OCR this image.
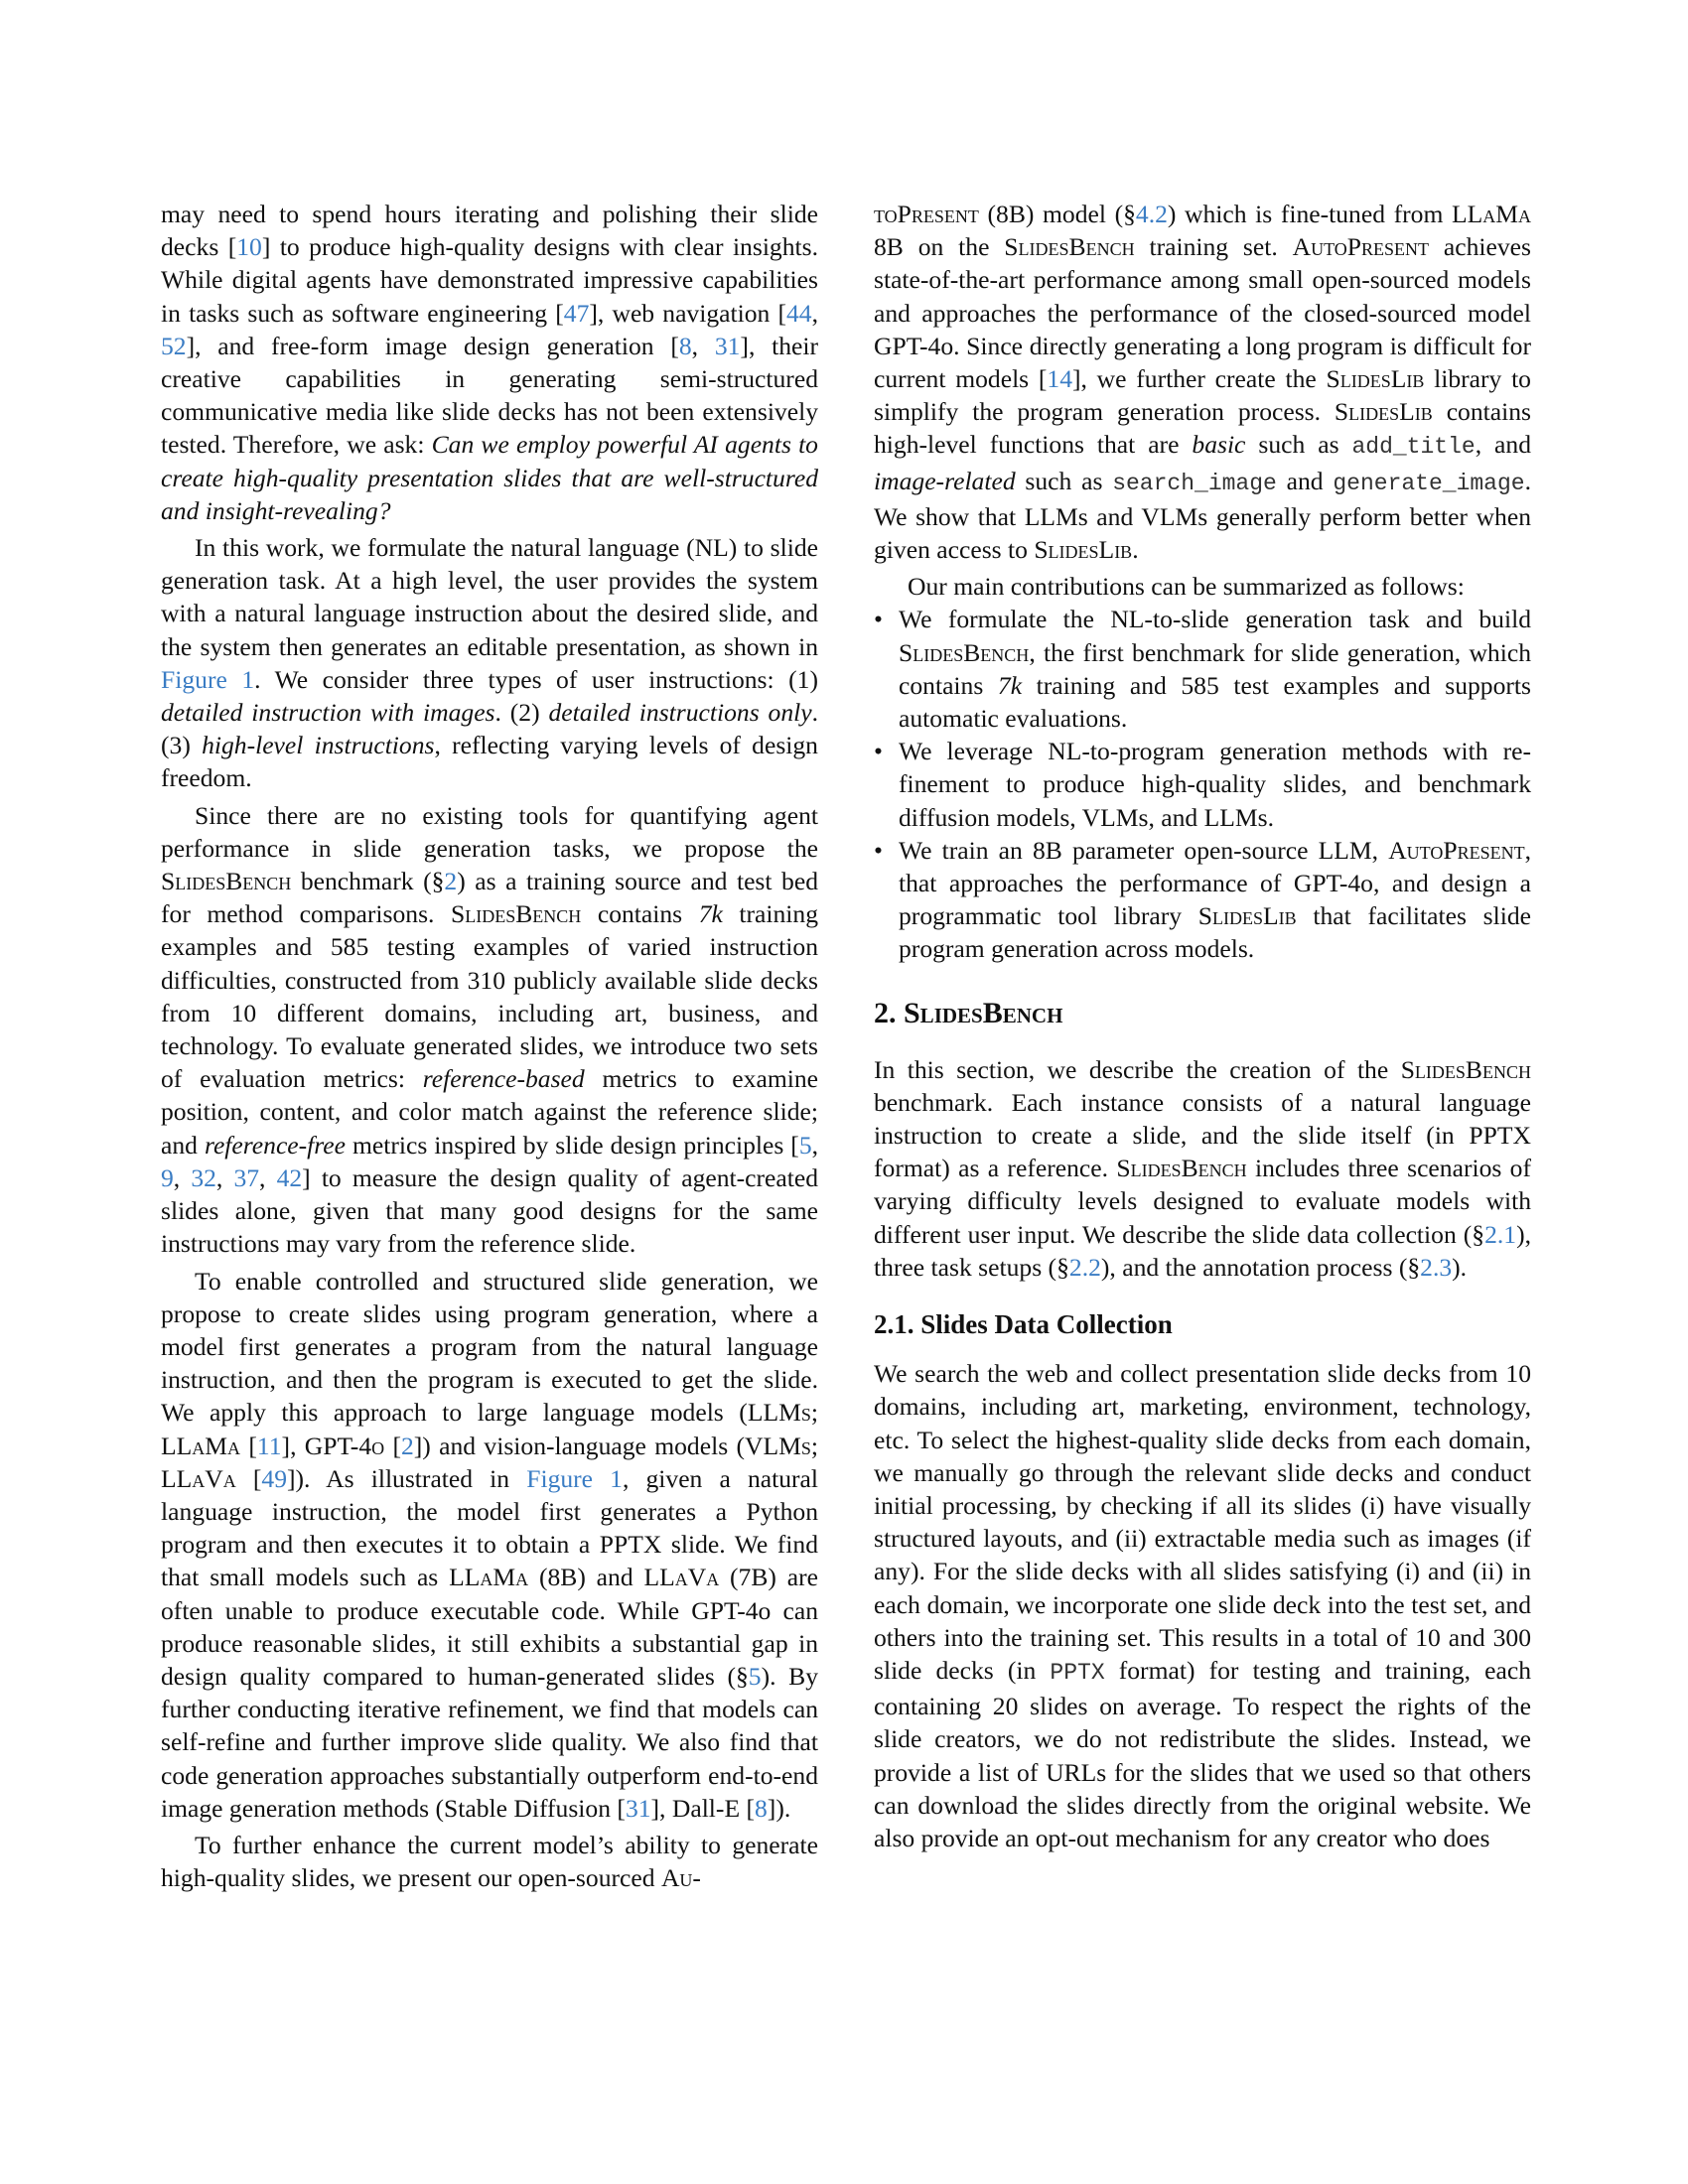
may need to spend hours iterating and polishing their slide decks [10] to produce high-quality designs with clear insights. While digital agents have demonstrated impressive capabilities in tasks such as software engineering [47], web navigation [44, 52], and free-form image design generation [8, 31], their creative capabilities in generating semi-structured communicative media like slide decks has not been extensively tested. Therefore, we ask: Can we employ powerful AI agents to create high-quality presentation slides that are well-structured and insight-revealing?

In this work, we formulate the natural language (NL) to slide generation task. At a high level, the user provides the system with a natural language instruction about the desired slide, and the system then generates an editable presentation, as shown in Figure 1. We consider three types of user instructions: (1) detailed instruction with images. (2) detailed instructions only. (3) high-level instructions, reflecting varying levels of design freedom.

Since there are no existing tools for quantifying agent performance in slide generation tasks, we propose the SlidesBench benchmark (§2) as a training source and test bed for method comparisons. SlidesBench contains 7k training examples and 585 testing examples of varied instruction difficulties, constructed from 310 publicly available slide decks from 10 different domains, including art, business, and technology. To evaluate generated slides, we introduce two sets of evaluation metrics: reference-based metrics to examine position, content, and color match against the reference slide; and reference-free metrics inspired by slide design principles [5, 9, 32, 37, 42] to measure the design quality of agent-created slides alone, given that many good designs for the same instructions may vary from the reference slide.

To enable controlled and structured slide generation, we propose to create slides using program generation, where a model first generates a program from the natural language instruction, and then the program is executed to get the slide. We apply this approach to large language models (LLMs; LLaMa [11], GPT-4o [2]) and vision-language models (VLMs; LLaVa [49]). As illustrated in Figure 1, given a natural language instruction, the model first generates a Python program and then executes it to obtain a PPTX slide. We find that small models such as LLaMa (8B) and LLaVa (7B) are often unable to produce executable code. While GPT-4o can produce reasonable slides, it still exhibits a substantial gap in design quality compared to human-generated slides (§5). By further conducting iterative refinement, we find that models can self-refine and further improve slide quality. We also find that code generation approaches substantially outperform end-to-end image generation methods (Stable Diffusion [31], Dall-E [8]).

To further enhance the current model’s ability to generate high-quality slides, we present our open-sourced Au-

toPresent (8B) model (§4.2) which is fine-tuned from LLaMa 8B on the SlidesBench training set. AutoPresent achieves state-of-the-art performance among small open-sourced models and approaches the performance of the closed-sourced model GPT-4o. Since directly generating a long program is difficult for current models [14], we further create the SlidesLib library to simplify the program generation process. SlidesLib contains high-level functions that are basic such as add_title, and image-related such as search_image and generate_image. We show that LLMs and VLMs generally perform better when given access to SlidesLib.

Our main contributions can be summarized as follows:

• We formulate the NL-to-slide generation task and build SlidesBench, the first benchmark for slide generation, which contains 7k training and 585 test examples and supports automatic evaluations.
• We leverage NL-to-program generation methods with refinement to produce high-quality slides, and benchmark diffusion models, VLMs, and LLMs.
• We train an 8B parameter open-source LLM, AutoPresent, that approaches the performance of GPT-4o, and design a programmatic tool library SlidesLib that facilitates slide program generation across models.
2. SlidesBench

In this section, we describe the creation of the SlidesBench benchmark. Each instance consists of a natural language instruction to create a slide, and the slide itself (in PPTX format) as a reference. SlidesBench includes three scenarios of varying difficulty levels designed to evaluate models with different user input. We describe the slide data collection (§2.1), three task setups (§2.2), and the annotation process (§2.3).

2.1. Slides Data Collection

We search the web and collect presentation slide decks from 10 domains, including art, marketing, environment, technology, etc. To select the highest-quality slide decks from each domain, we manually go through the relevant slide decks and conduct initial processing, by checking if all its slides (i) have visually structured layouts, and (ii) extractable media such as images (if any). For the slide decks with all slides satisfying (i) and (ii) in each domain, we incorporate one slide deck into the test set, and others into the training set. This results in a total of 10 and 300 slide decks (in PPTX format) for testing and training, each containing 20 slides on average. To respect the rights of the slide creators, we do not redistribute the slides. Instead, we provide a list of URLs for the slides that we used so that others can download the slides directly from the original website. We also provide an opt-out mechanism for any creator who does
